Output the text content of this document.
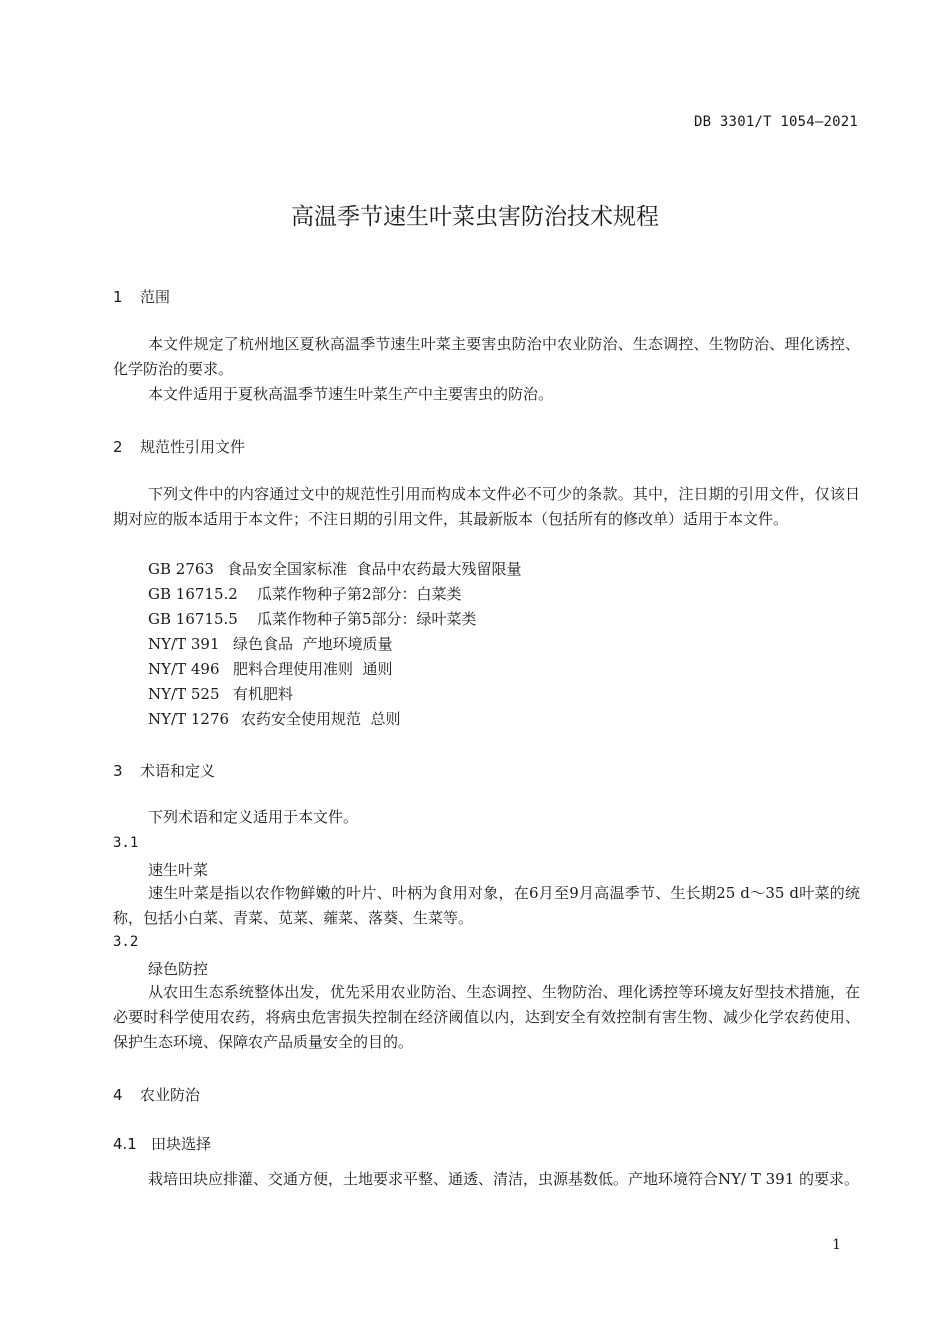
DB 3301/T 1054—2021
高温季节速生叶菜虫害防治技术规程
1 范围
本文件规定了杭州地区夏秋高温季节速生叶菜主要害虫防治中农业防治、生态调控、生物防治、理化诱控、化学防治的要求。
本文件适用于夏秋高温季节速生叶菜生产中主要害虫的防治。
2 规范性引用文件
下列文件中的内容通过文中的规范性引用而构成本文件必不可少的条款。其中，注日期的引用文件，仅该日期对应的版本适用于本文件；不注日期的引用文件，其最新版本（包括所有的修改单）适用于本文件。
GB 2763 食品安全国家标准  食品中农药最大残留限量
GB 16715.2 瓜菜作物种子第2部分：白菜类
GB 16715.5 瓜菜作物种子第5部分：绿叶菜类
NY/T 391 绿色食品  产地环境质量
NY/T 496 肥料合理使用准则  通则
NY/T 525 有机肥料
NY/T 1276 农药安全使用规范  总则
3 术语和定义
下列术语和定义适用于本文件。
3.1
速生叶菜
速生叶菜是指以农作物鲜嫩的叶片、叶柄为食用对象，在6月至9月高温季节、生长期25 d～35 d叶菜的统称，包括小白菜、青菜、苋菜、蕹菜、落葵、生菜等。
3.2
绿色防控
从农田生态系统整体出发，优先采用农业防治、生态调控、生物防治、理化诱控等环境友好型技术措施，在必要时科学使用农药，将病虫危害损失控制在经济阈值以内，达到安全有效控制有害生物、减少化学农药使用、保护生态环境、保障农产品质量安全的目的。
4 农业防治
4.1 田块选择
栽培田块应排灌、交通方便，土地要求平整、通透、清洁，虫源基数低。产地环境符合NY/ T 391 的要求。
1
